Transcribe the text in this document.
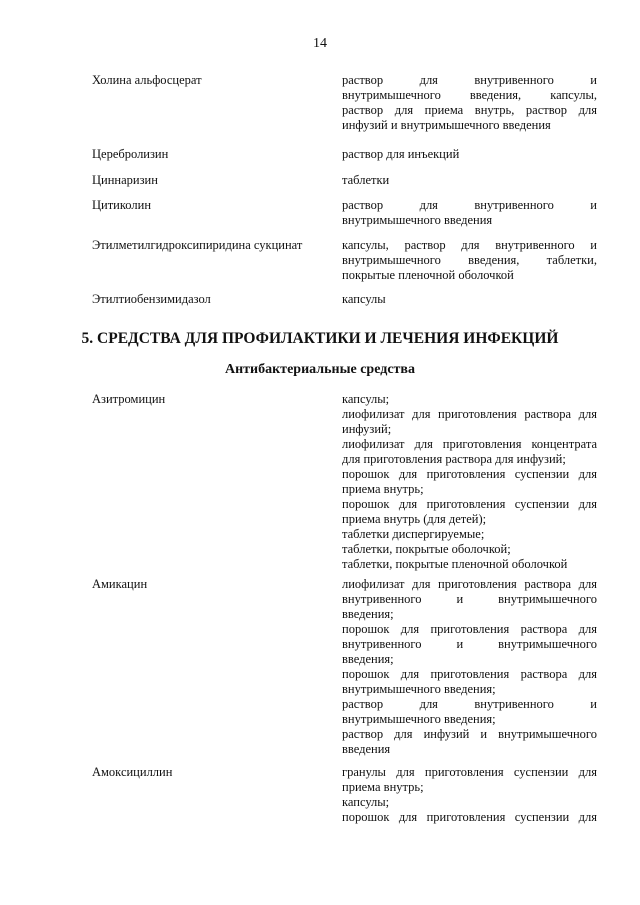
14
Холина альфосцерат	раствор для внутривенного и
внутримышечного введения, капсулы,
раствор для приема внутрь, раствор для
инфузий и внутримышечного введения
Церебролизин	раствор для инъекций
Циннаризин	таблетки
Цитиколин	раствор для внутривенного и
внутримышечного введения
Этилметилгидроксипиридина сукцинат	капсулы, раствор для внутривенного и
внутримышечного введения, таблетки,
покрытые пленочной оболочкой
Этилтиобензимидазол	капсулы
5. СРЕДСТВА ДЛЯ ПРОФИЛАКТИКИ И ЛЕЧЕНИЯ ИНФЕКЦИЙ
Антибактериальные средства
Азитромицин	капсулы;
лиофилизат для приготовления раствора для
инфузий;
лиофилизат для приготовления концентрата
для приготовления раствора для инфузий;
порошок для приготовления суспензии для
приема внутрь;
порошок для приготовления суспензии для
приема внутрь (для детей);
таблетки диспергируемые;
таблетки, покрытые оболочкой;
таблетки, покрытые пленочной оболочкой
Амикацин	лиофилизат для приготовления раствора для
внутривенного и внутримышечного
введения;
порошок для приготовления раствора для
внутривенного и внутримышечного
введения;
порошок для приготовления раствора для
внутримышечного введения;
раствор для внутривенного и
внутримышечного введения;
раствор для инфузий и внутримышечного
введения
Амоксициллин	гранулы для приготовления суспензии для
приема внутрь;
капсулы;
порошок для приготовления суспензии для
